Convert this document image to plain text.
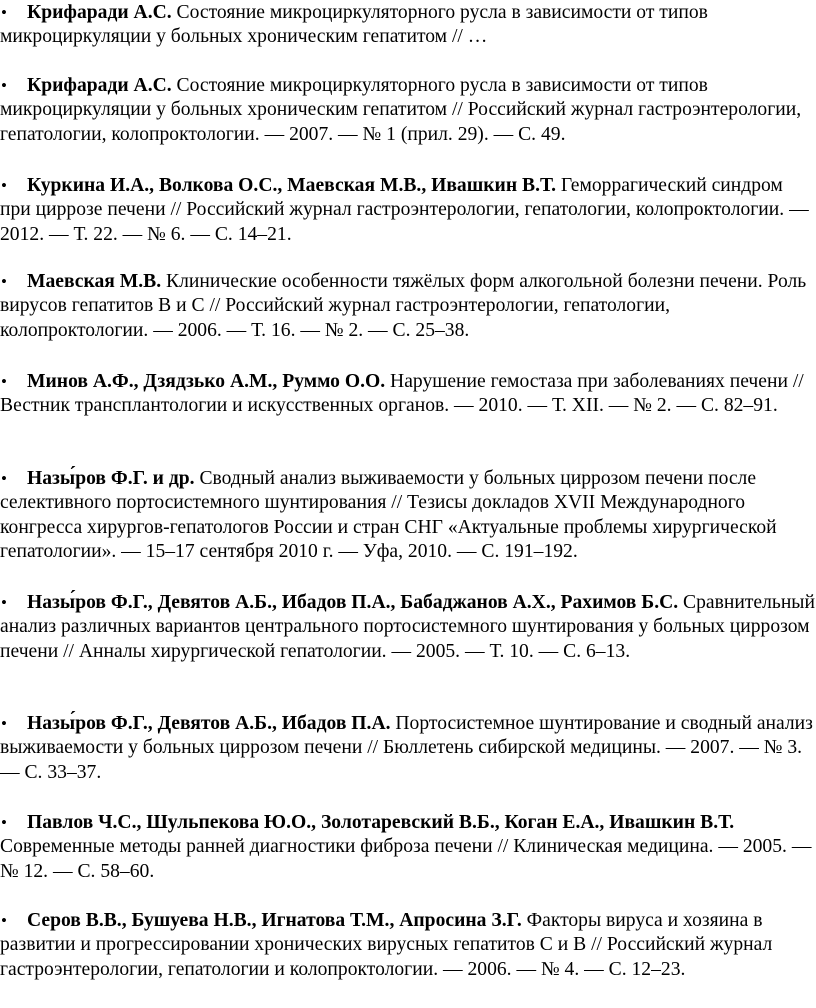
•	Крифаради А.С. Состояние микроциркуляторного русла в зависимости от типов микроциркуляции у больных хроническим гепатитом // …
•	Крифаради А.С. Состояние микроциркуляторного русла в зависимости от типов микроциркуляции у больных хроническим гепатитом // Российский журнал гастроэнтерологии, гепатологии, колопроктологии. — 2007. — № 1 (прил. 29). — С. 49.
•	Куркина И.А., Волкова О.С., Маевская М.В., Ивашкин В.Т. Геморрагический синдром при циррозе печени // Российский журнал гастроэнтерологии, гепатологии, колопроктологии. — 2012. — Т. 22. — № 6. — С. 14–21.
•	Маевская М.В. Клинические особенности тяжёлых форм алкогольной болезни печени. Роль вирусов гепатитов В и С // Российский журнал гастроэнтерологии, гепатологии, колопроктологии. — 2006. — Т. 16. — № 2. — С. 25–38.
•	Минов А.Ф., Дзядзько А.М., Руммо О.О. Нарушение гемостаза при заболеваниях печени // Вестник трансплантологии и искусственных органов. — 2010. — Т. XII. — № 2. — С. 82–91.
•	Назы́ров Ф.Г. и др. Сводный анализ выживаемости у больных циррозом печени после селективного портосистемного шунтирования // Тезисы докладов XVII Международного конгресса хирургов-гепатологов России и стран СНГ «Актуальные проблемы хирургической гепатологии». — 15–17 сентября 2010 г. — Уфа, 2010. — С. 191–192.
•	Назы́ров Ф.Г., Девятов А.Б., Ибадов П.А., Бабаджанов А.Х., Рахимов Б.С. Сравнительный анализ различных вариантов центрального портосистемного шунтирования у больных циррозом печени // Анналы хирургической гепатологии. — 2005. — Т. 10. — С. 6–13.
•	Назы́ров Ф.Г., Девятов А.Б., Ибадов П.А. Портосистемное шунтирование и сводный анализ выживаемости у больных циррозом печени // Бюллетень сибирской медицины. — 2007. — № 3. — С. 33–37.
•	Павлов Ч.С., Шульпекова Ю.О., Золотаревский В.Б., Коган Е.А., Ивашкин В.Т. Современные методы ранней диагностики фиброза печени // Клиническая медицина. — 2005. — № 12. — С. 58–60.
•	Серов В.В., Бушуева Н.В., Игнатова Т.М., Апросина З.Г. Факторы вируса и хозяина в развитии и прогрессировании хронических вирусных гепатитов С и В // Российский журнал гастроэнтерологии, гепатологии и колопроктологии. — 2006. — № 4. — С. 12–23.
